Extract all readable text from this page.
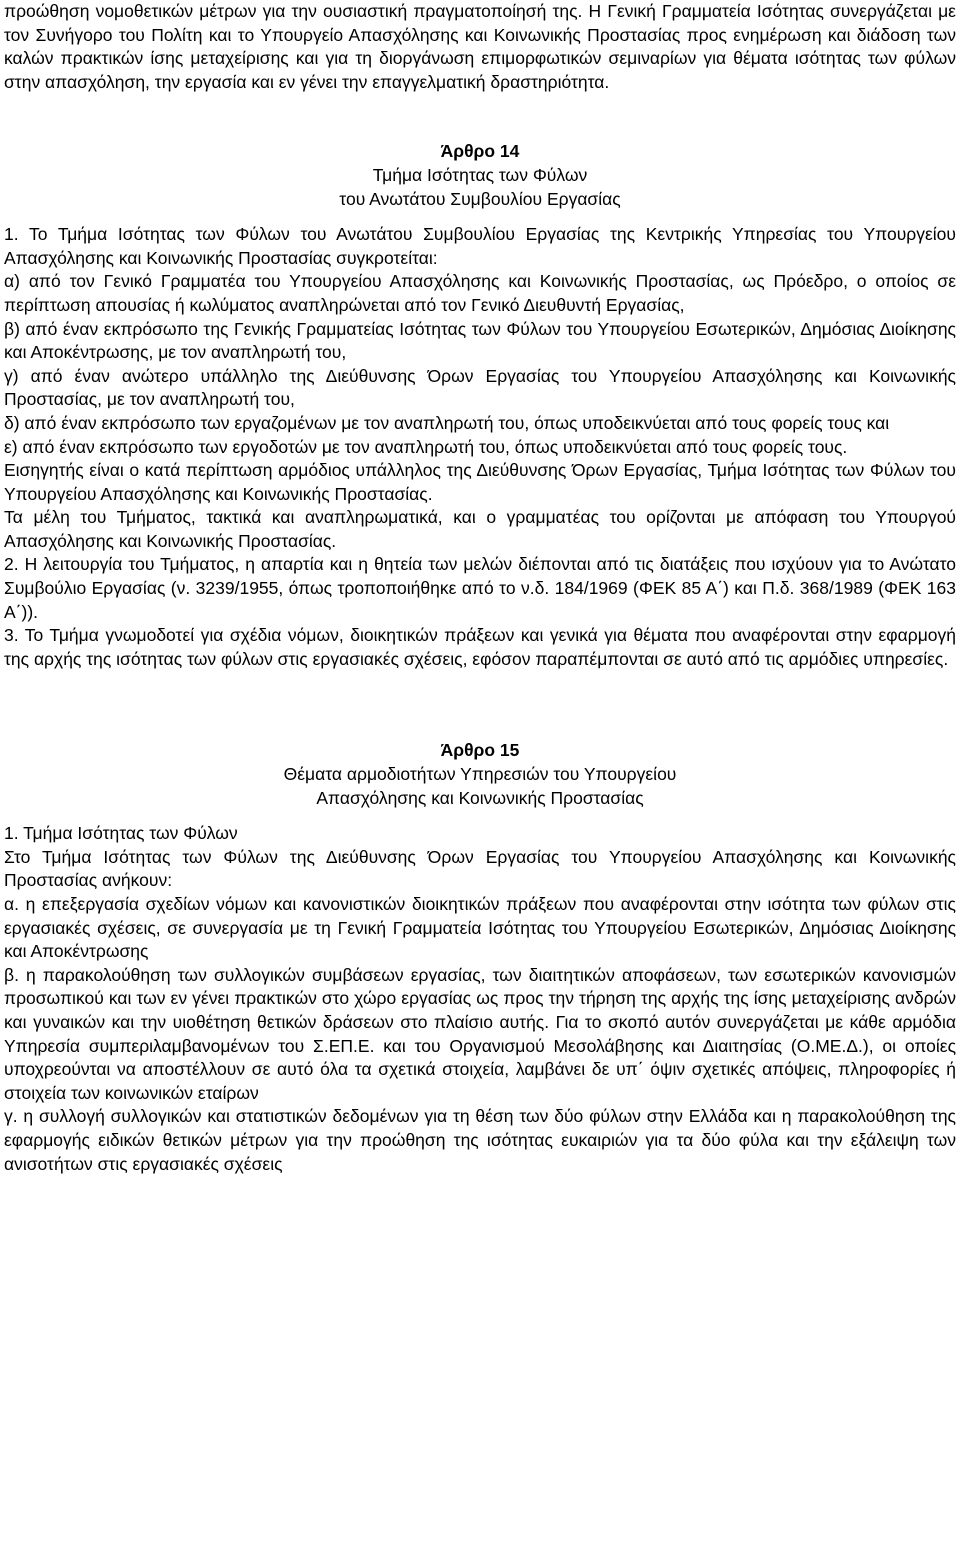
προώθηση νομοθετικών μέτρων για την ουσιαστική πραγματοποίησή της. Η Γενική Γραμματεία Ισότητας συνεργάζεται με τον Συνήγορο του Πολίτη και το Υπουργείο Απασχόλησης και Κοινωνικής Προστασίας προς ενημέρωση και διάδοση των καλών πρακτικών ίσης μεταχείρισης και για τη διοργάνωση επιμορφωτικών σεμιναρίων για θέματα ισότητας των φύλων στην απασχόληση, την εργασία και εν γένει την επαγγελματική δραστηριότητα.

Άρθρο 14

Τμήμα Ισότητας των Φύλων

του Ανωτάτου Συμβουλίου Εργασίας

1. Το Τμήμα Ισότητας των Φύλων του Ανωτάτου Συμβουλίου Εργασίας της Κεντρικής Υπηρεσίας του Υπουργείου Απασχόλησης και Κοινωνικής Προστασίας συγκροτείται:

α) από τον Γενικό Γραμματέα του Υπουργείου Απασχόλησης και Κοινωνικής Προστασίας, ως Πρόεδρο, ο οποίος σε περίπτωση απουσίας ή κωλύματος αναπληρώνεται από τον Γενικό Διευθυντή Εργασίας,

β) από έναν εκπρόσωπο της Γενικής Γραμματείας Ισότητας των Φύλων του Υπουργείου Εσωτερικών, Δημόσιας Διοίκησης και Αποκέντρωσης, με τον αναπληρωτή του,

γ) από έναν ανώτερο υπάλληλο της Διεύθυνσης Όρων Εργασίας του Υπουργείου Απασχόλησης και Κοινωνικής Προστασίας, με τον αναπληρωτή του,

δ) από έναν εκπρόσωπο των εργαζομένων με τον αναπληρωτή του, όπως υποδεικνύεται από τους φορείς τους και

ε) από έναν εκπρόσωπο των εργοδοτών με τον αναπληρωτή του, όπως υποδεικνύεται από τους φορείς τους.

Εισηγητής είναι ο κατά περίπτωση αρμόδιος υπάλληλος της Διεύθυνσης Όρων Εργασίας, Τμήμα Ισότητας των Φύλων του Υπουργείου Απασχόλησης και Κοινωνικής Προστασίας.

Τα μέλη του Τμήματος, τακτικά και αναπληρωματικά, και ο γραμματέας του ορίζονται με απόφαση του Υπουργού Απασχόλησης και Κοινωνικής Προστασίας.

2. Η λειτουργία του Τμήματος, η απαρτία και η θητεία των μελών διέπονται από τις διατάξεις που ισχύουν για το Ανώτατο Συμβούλιο Εργασίας (ν. 3239/1955, όπως τροποποιήθηκε από το ν.δ. 184/1969 (ΦΕΚ 85 Α΄) και Π.δ. 368/1989 (ΦΕΚ 163 Α΄)).

3. Το Τμήμα γνωμοδοτεί για σχέδια νόμων, διοικητικών πράξεων και γενικά για θέματα που αναφέρονται στην εφαρμογή της αρχής της ισότητας των φύλων στις εργασιακές σχέσεις, εφόσον παραπέμπονται σε αυτό από τις αρμόδιες υπηρεσίες.

Άρθρο 15

Θέματα αρμοδιοτήτων Υπηρεσιών του Υπουργείου

Απασχόλησης και Κοινωνικής Προστασίας

1. Τμήμα Ισότητας των Φύλων

Στο Τμήμα Ισότητας των Φύλων της Διεύθυνσης Όρων Εργασίας του Υπουργείου Απασχόλησης και Κοινωνικής Προστασίας ανήκουν:

α. η επεξεργασία σχεδίων νόμων και κανονιστικών διοικητικών πράξεων που αναφέρονται στην ισότητα των φύλων στις εργασιακές σχέσεις, σε συνεργασία με τη Γενική Γραμματεία Ισότητας του Υπουργείου Εσωτερικών, Δημόσιας Διοίκησης και Αποκέντρωσης

β. η παρακολούθηση των συλλογικών συμβάσεων εργασίας, των διαιτητικών αποφάσεων, των εσωτερικών κανονισμών προσωπικού και των εν γένει πρακτικών στο χώρο εργασίας ως προς την τήρηση της αρχής της ίσης μεταχείρισης ανδρών και γυναικών και την υιοθέτηση θετικών δράσεων στο πλαίσιο αυτής. Για το σκοπό αυτόν συνεργάζεται με κάθε αρμόδια Υπηρεσία συμπεριλαμβανομένων του Σ.ΕΠ.Ε. και του Οργανισμού Μεσολάβησης και Διαιτησίας (Ο.ΜΕ.Δ.), οι οποίες υποχρεούνται να αποστέλλουν σε αυτό όλα τα σχετικά στοιχεία, λαμβάνει δε υπ΄ όψιν σχετικές απόψεις, πληροφορίες ή στοιχεία των κοινωνικών εταίρων

γ. η συλλογή συλλογικών και στατιστικών δεδομένων για τη θέση των δύο φύλων στην Ελλάδα και η παρακολούθηση της εφαρμογής ειδικών θετικών μέτρων για την προώθηση της ισότητας ευκαιριών για τα δύο φύλα και την εξάλειψη των ανισοτήτων στις εργασιακές σχέσεις
